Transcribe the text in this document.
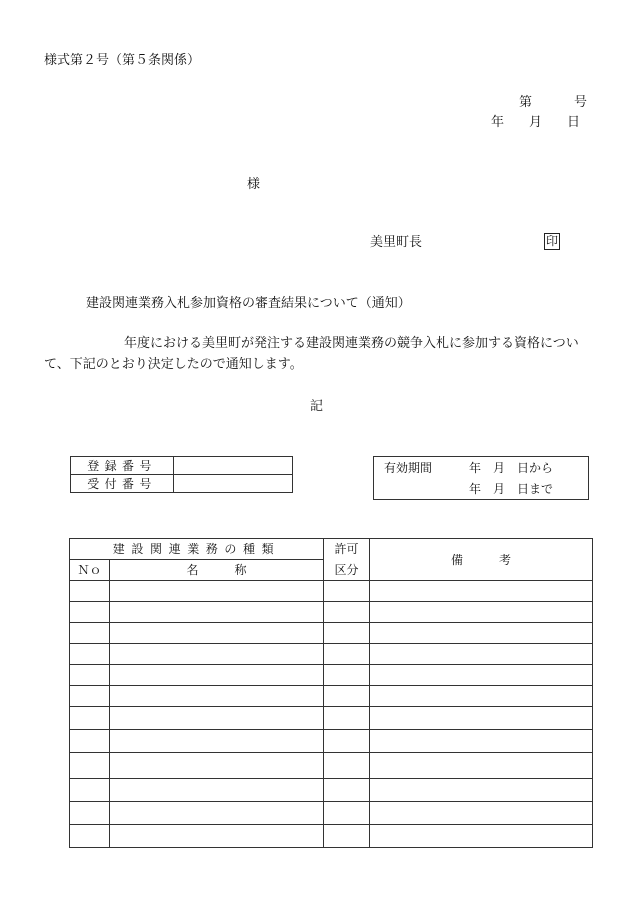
様式第２号（第５条関係）
第	号
年 月 日
様
美里町長	印
建設関連業務入札参加資格の審査結果について（通知）
年度における美里町が発注する建設関連業務の競争入札に参加する資格につい
て、下記のとおり決定したので通知します。
記
登録番号	
受付番号	
有効期間	年 月 日から
年 月 日まで
建設関連業務の種類		許可	備　　　考
Ｎｏ	名　　　称	区分	
